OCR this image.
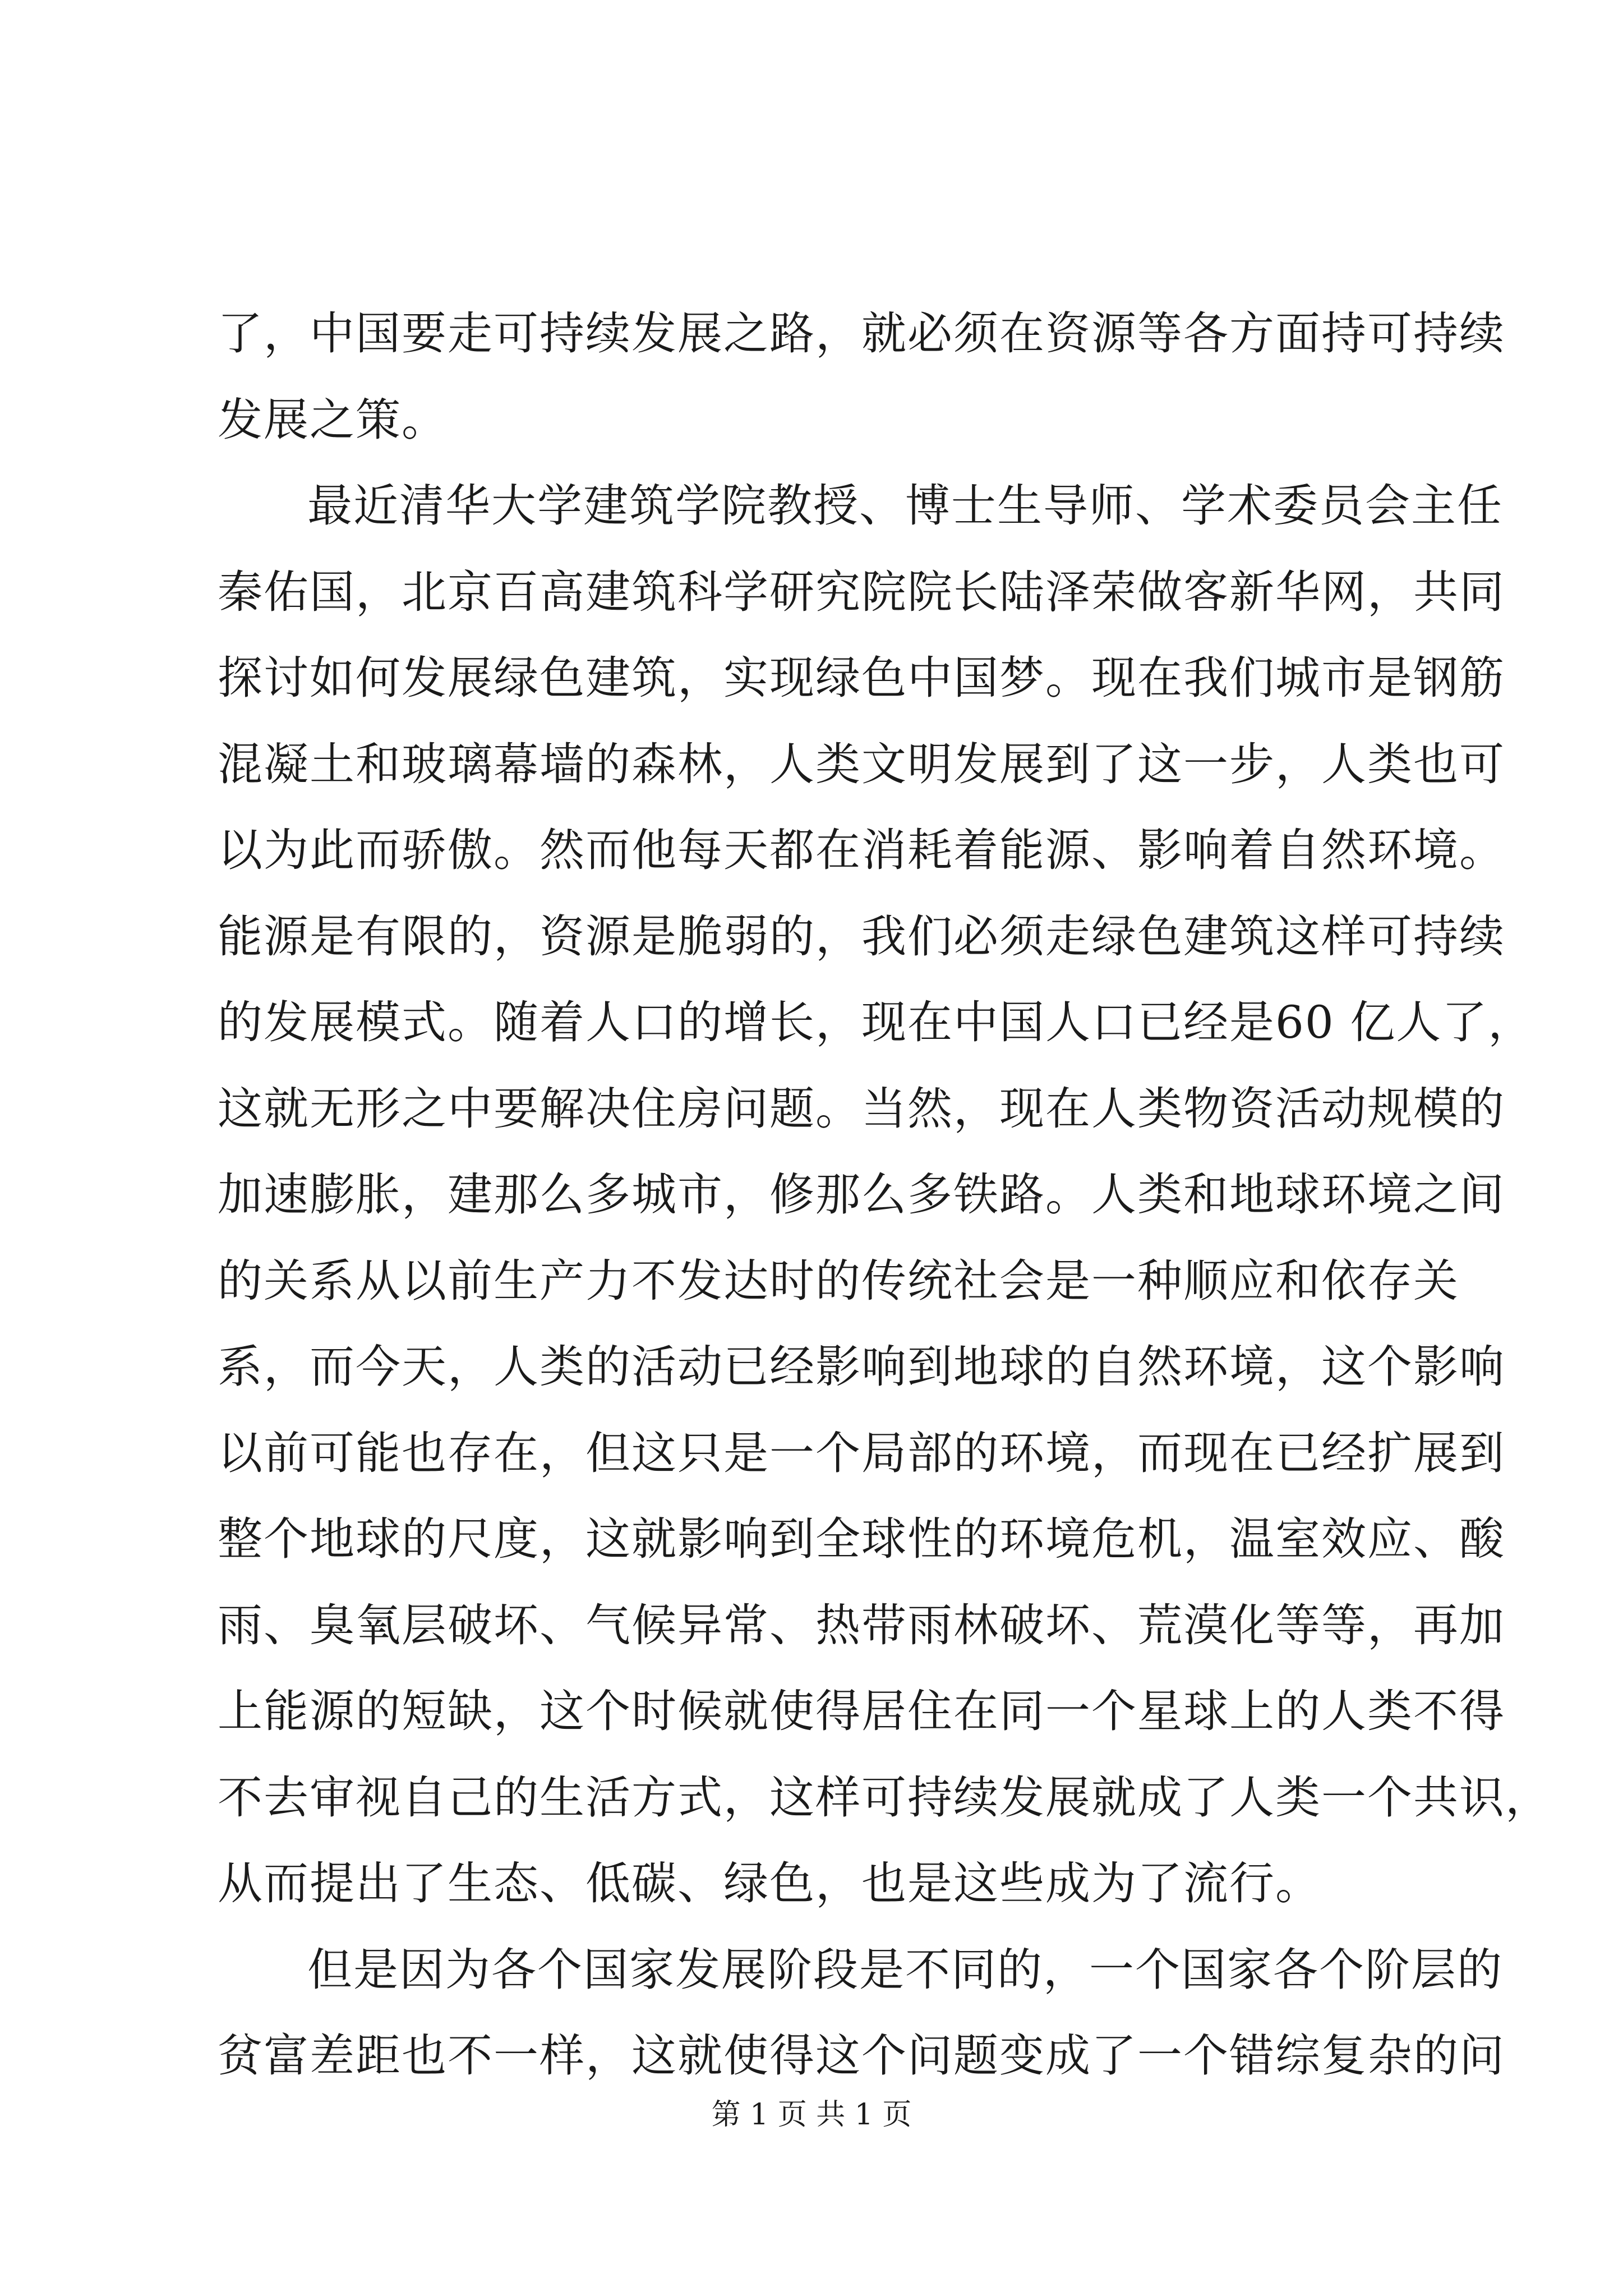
了，中国要走可持续发展之路，就必须在资源等各方面持可持续
发展之策。
最近清华大学建筑学院教授、博士生导师、学术委员会主任
秦佑国，北京百高建筑科学研究院院长陆泽荣做客新华网，共同
探讨如何发展绿色建筑，实现绿色中国梦。现在我们城市是钢筋
混凝土和玻璃幕墙的森林，人类文明发展到了这一步，人类也可
以为此而骄傲。然而他每天都在消耗着能源、影响着自然环境。
能源是有限的，资源是脆弱的，我们必须走绿色建筑这样可持续
的发展模式。随着人口的增长，现在中国人口已经是60 亿人了，
这就无形之中要解决住房问题。当然，现在人类物资活动规模的
加速膨胀，建那么多城市，修那么多铁路。人类和地球环境之间
的关系从以前生产力不发达时的传统社会是一种顺应和依存关
系，而今天，人类的活动已经影响到地球的自然环境，这个影响
以前可能也存在，但这只是一个局部的环境，而现在已经扩展到
整个地球的尺度，这就影响到全球性的环境危机，温室效应、酸
雨、臭氧层破坏、气候异常、热带雨林破坏、荒漠化等等，再加
上能源的短缺，这个时候就使得居住在同一个星球上的人类不得
不去审视自己的生活方式，这样可持续发展就成了人类一个共识，
从而提出了生态、低碳、绿色，也是这些成为了流行。
但是因为各个国家发展阶段是不同的，一个国家各个阶层的
贫富差距也不一样，这就使得这个问题变成了一个错综复杂的问
第 1 页 共 1 页
